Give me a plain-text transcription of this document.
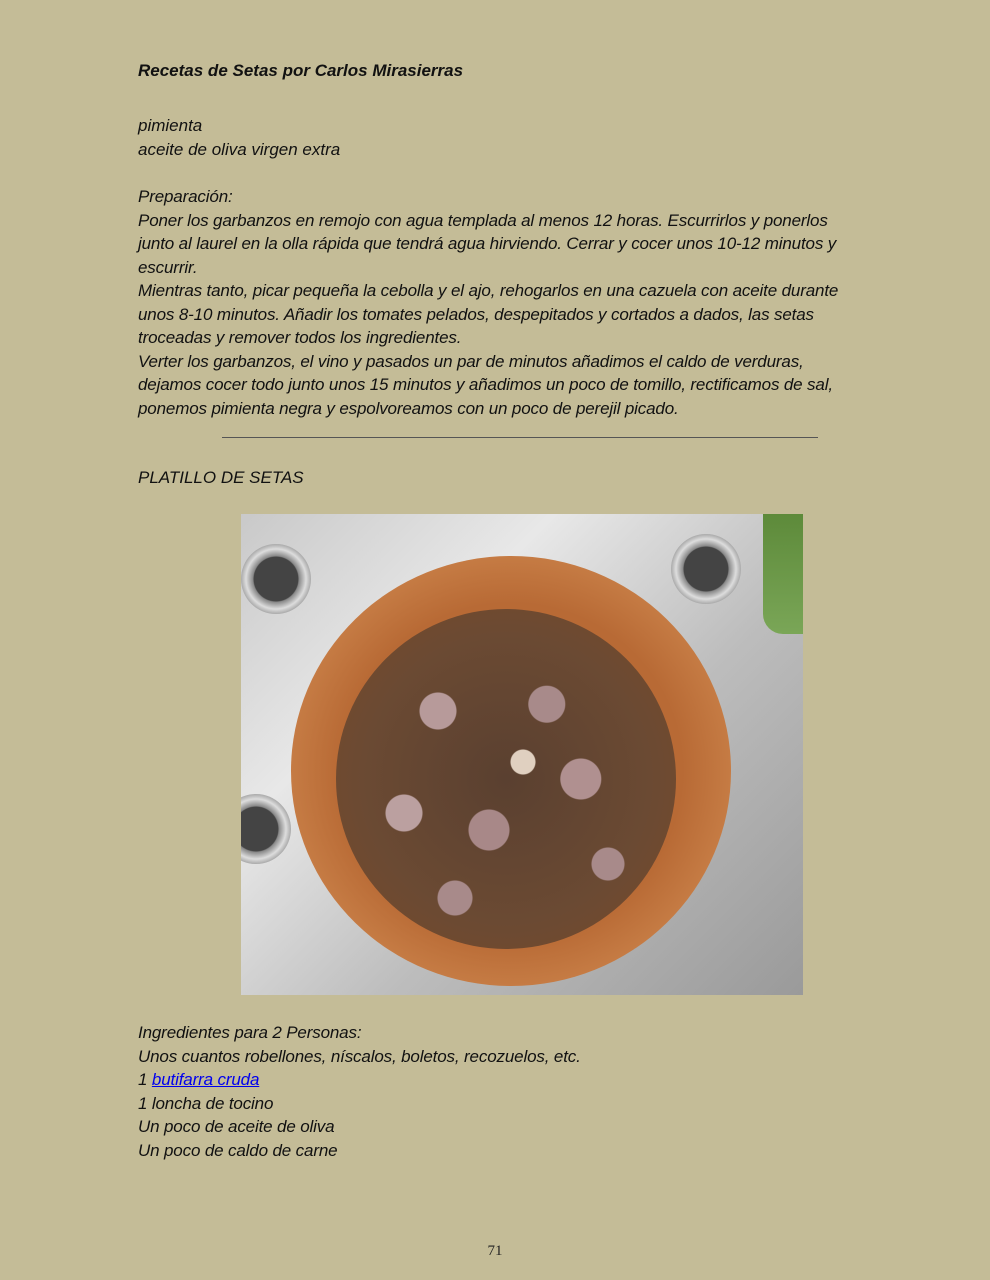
Recetas de Setas por Carlos Mirasierras
pimienta
aceite de oliva virgen extra

Preparación:

Poner los garbanzos en remojo con agua templada al menos 12 horas. Escurrirlos y ponerlos

junto al laurel en la olla rápida que tendrá agua hirviendo. Cerrar y cocer unos 10-12 minutos y

escurrir.

Mientras tanto, picar pequeña la cebolla y el ajo, rehogarlos en una cazuela con aceite durante

unos 8-10 minutos. Añadir los tomates pelados, despepitados y cortados a dados, las setas

troceadas y remover todos los ingredientes.

Verter los garbanzos, el vino y pasados un par de minutos añadimos el caldo de verduras,

dejamos cocer todo junto unos 15 minutos y añadimos un poco de tomillo, rectificamos de sal,

ponemos pimienta negra y espolvoreamos con un poco de perejil picado.

PLATILLO DE SETAS

Ingredientes para 2 Personas:

Unos cuantos robellones, níscalos, boletos, recozuelos, etc.

1 butifarra cruda

1 loncha de tocino

Un poco de aceite de oliva

Un poco de caldo de carne

71
